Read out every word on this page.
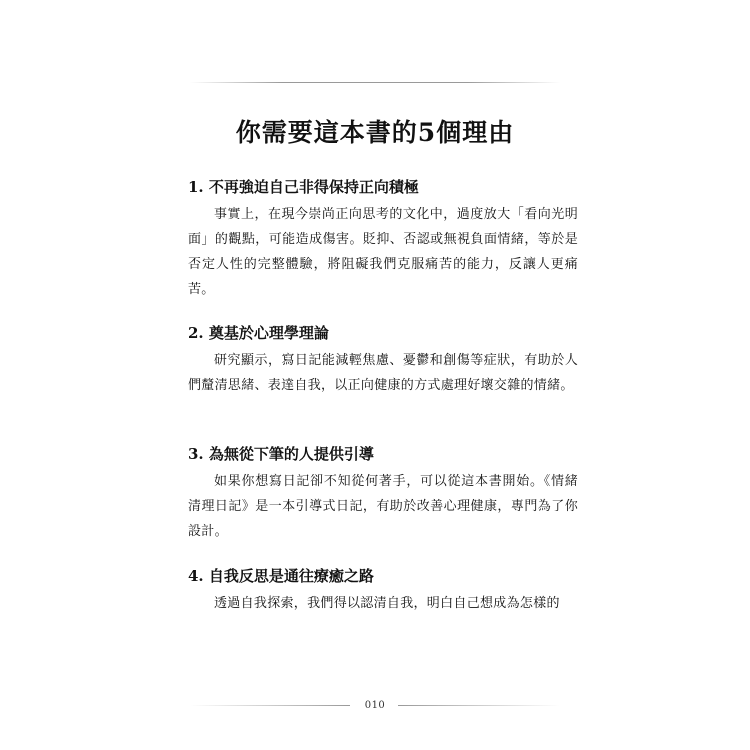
你需要這本書的5個理由
1. 不再強迫自己非得保持正向積極

事實上，在現今崇尚正向思考的文化中，過度放大「看向光明面」的觀點，可能造成傷害。貶抑、否認或無視負面情緒，等於是否定人性的完整體驗，將阻礙我們克服痛苦的能力，反讓人更痛苦。

2. 奠基於心理學理論

研究顯示，寫日記能減輕焦慮、憂鬱和創傷等症狀，有助於人們釐清思緒、表達自我，以正向健康的方式處理好壞交雜的情緒。

3. 為無從下筆的人提供引導

如果你想寫日記卻不知從何著手，可以從這本書開始。《情緒清理日記》是一本引導式日記，有助於改善心理健康，專門為了你設計。

4. 自我反思是通往療癒之路

透過自我探索，我們得以認清自我，明白自己想成為怎樣的

010
